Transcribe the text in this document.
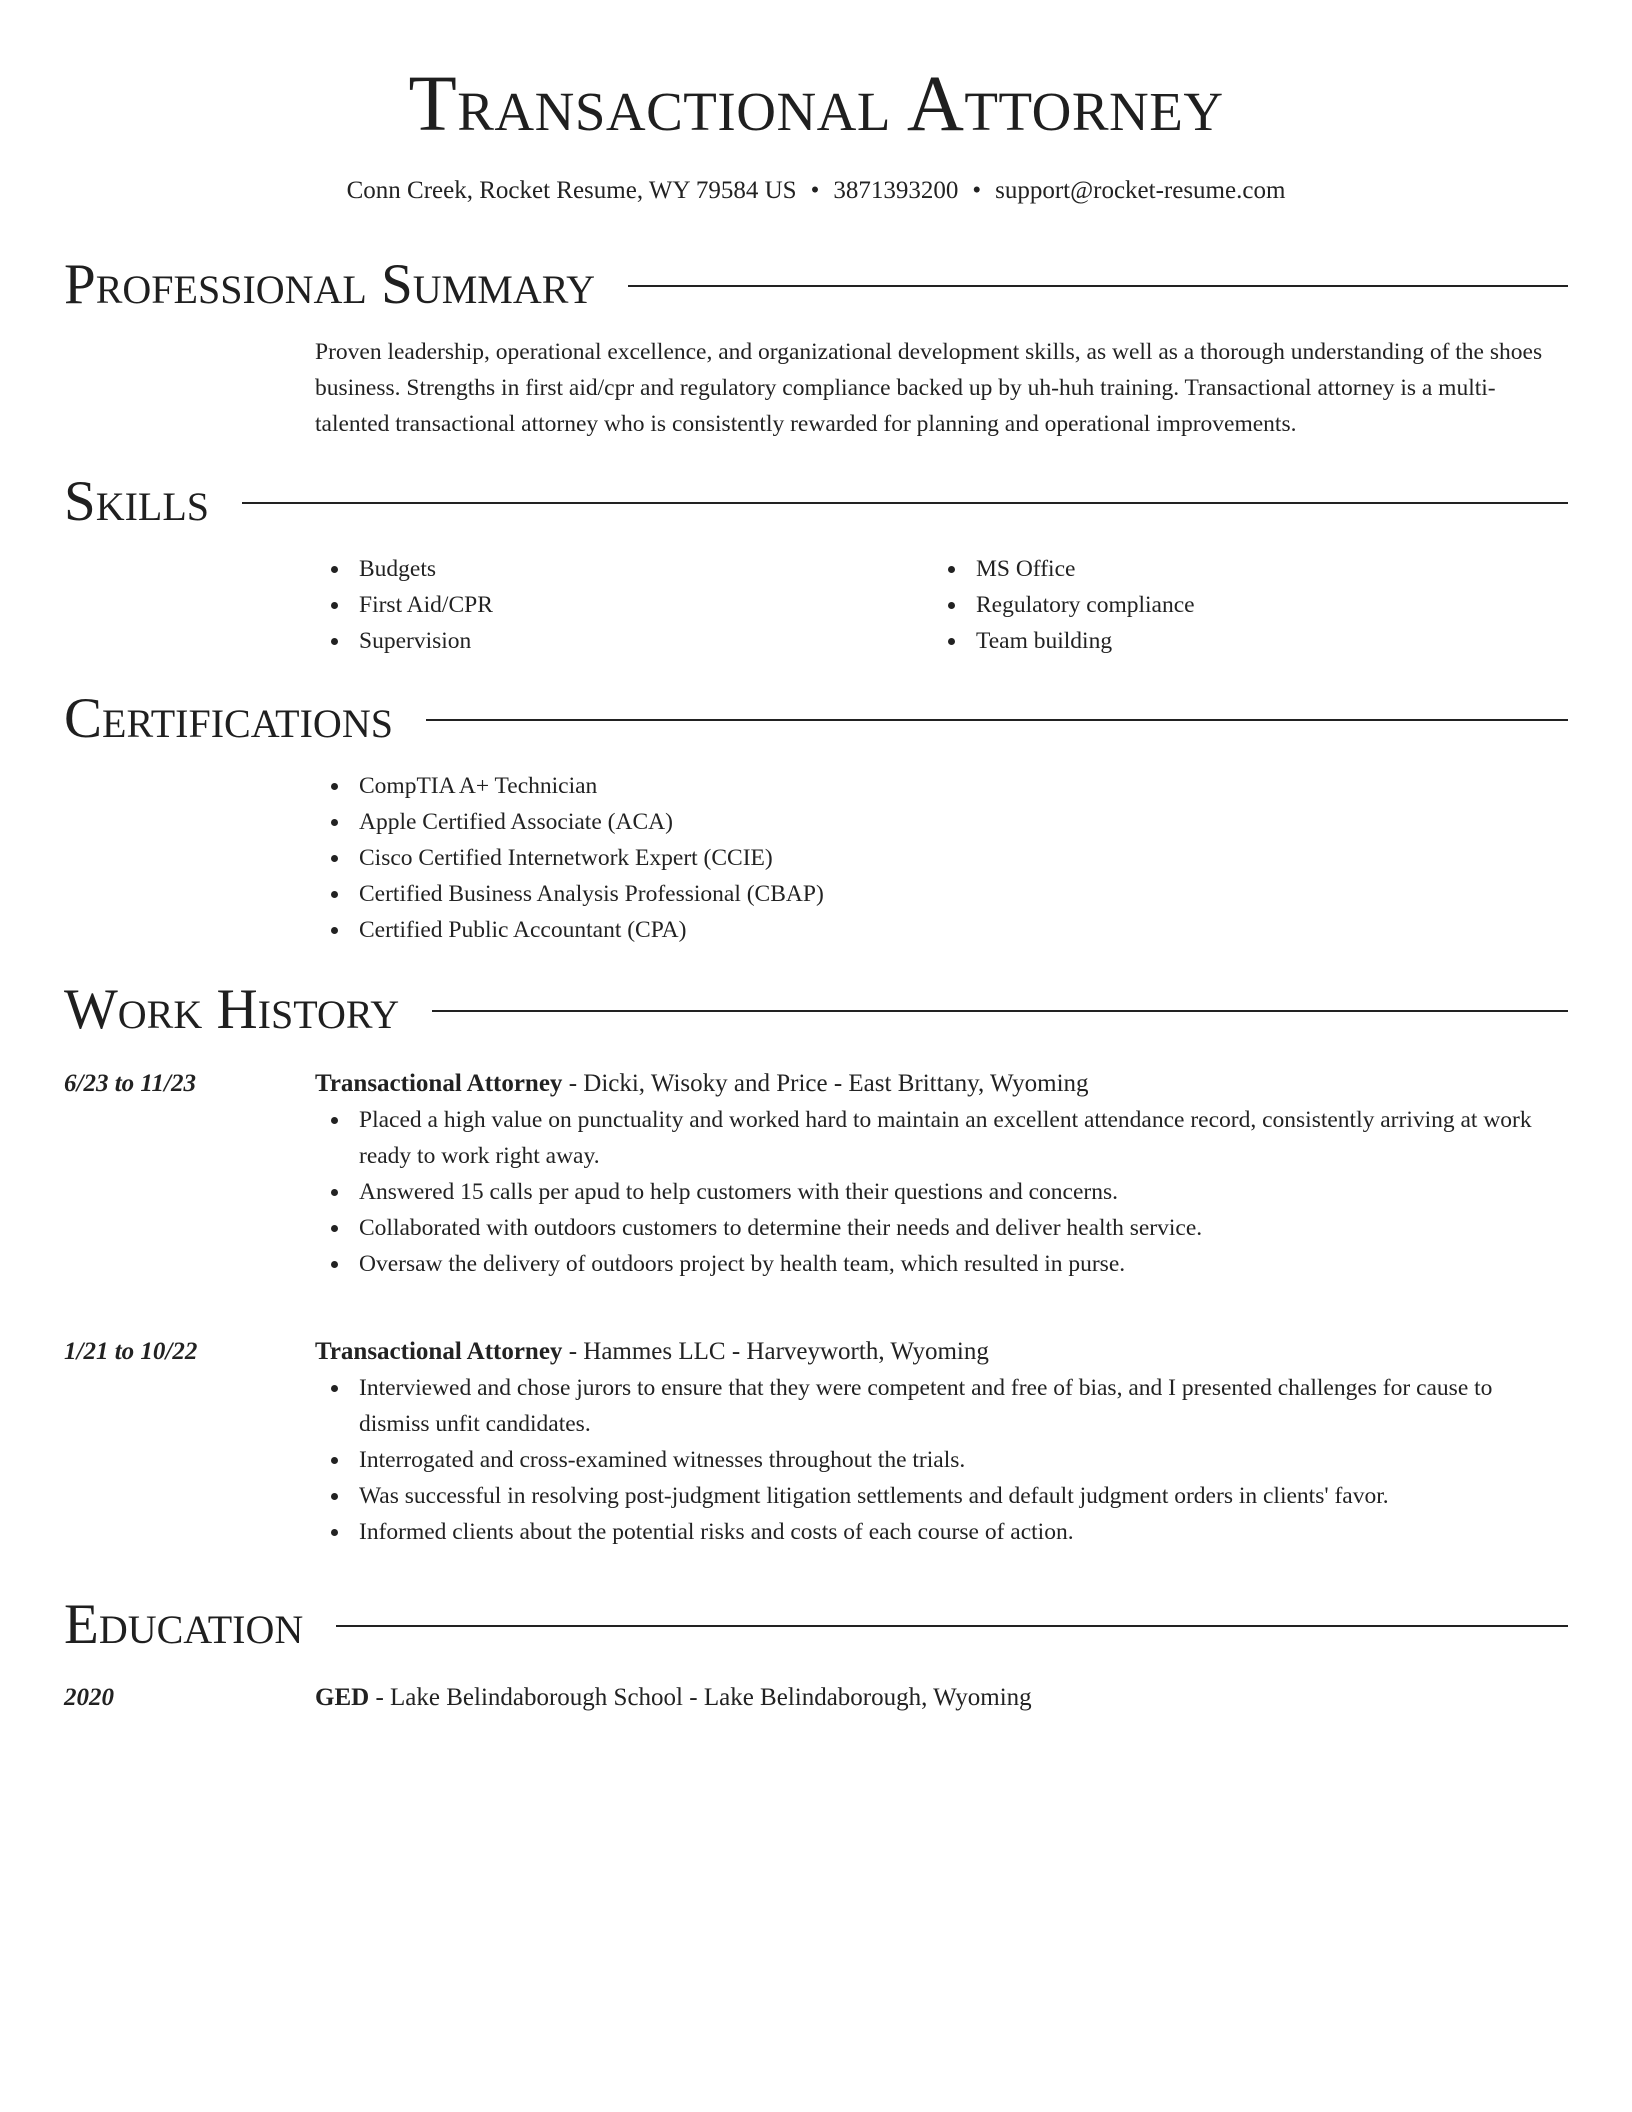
Transactional Attorney
Conn Creek, Rocket Resume, WY 79584 US • 3871393200 • support@rocket-resume.com
Professional Summary

Proven leadership, operational excellence, and organizational development skills, as well as a thorough understanding of the shoes business. Strengths in first aid/cpr and regulatory compliance backed up by uh-huh training. Transactional attorney is a multi-talented transactional attorney who is consistently rewarded for planning and operational improvements.

Skills
Budgets
First Aid/CPR
Supervision
MS Office
Regulatory compliance
Team building
Certifications
CompTIA A+ Technician
Apple Certified Associate (ACA)
Cisco Certified Internetwork Expert (CCIE)
Certified Business Analysis Professional (CBAP)
Certified Public Accountant (CPA)
Work History
6/23 to 11/23	Transactional Attorney - Dicki, Wisoky and Price - East Brittany, Wyoming
Placed a high value on punctuality and worked hard to maintain an excellent attendance record, consistently arriving at work ready to work right away.
Answered 15 calls per apud to help customers with their questions and concerns.
Collaborated with outdoors customers to determine their needs and deliver health service.
Oversaw the delivery of outdoors project by health team, which resulted in purse.
1/21 to 10/22	Transactional Attorney - Hammes LLC - Harveyworth, Wyoming
Interviewed and chose jurors to ensure that they were competent and free of bias, and I presented challenges for cause to dismiss unfit candidates.
Interrogated and cross-examined witnesses throughout the trials.
Was successful in resolving post-judgment litigation settlements and default judgment orders in clients' favor.
Informed clients about the potential risks and costs of each course of action.
Education
2020	GED - Lake Belindaborough School - Lake Belindaborough, Wyoming
